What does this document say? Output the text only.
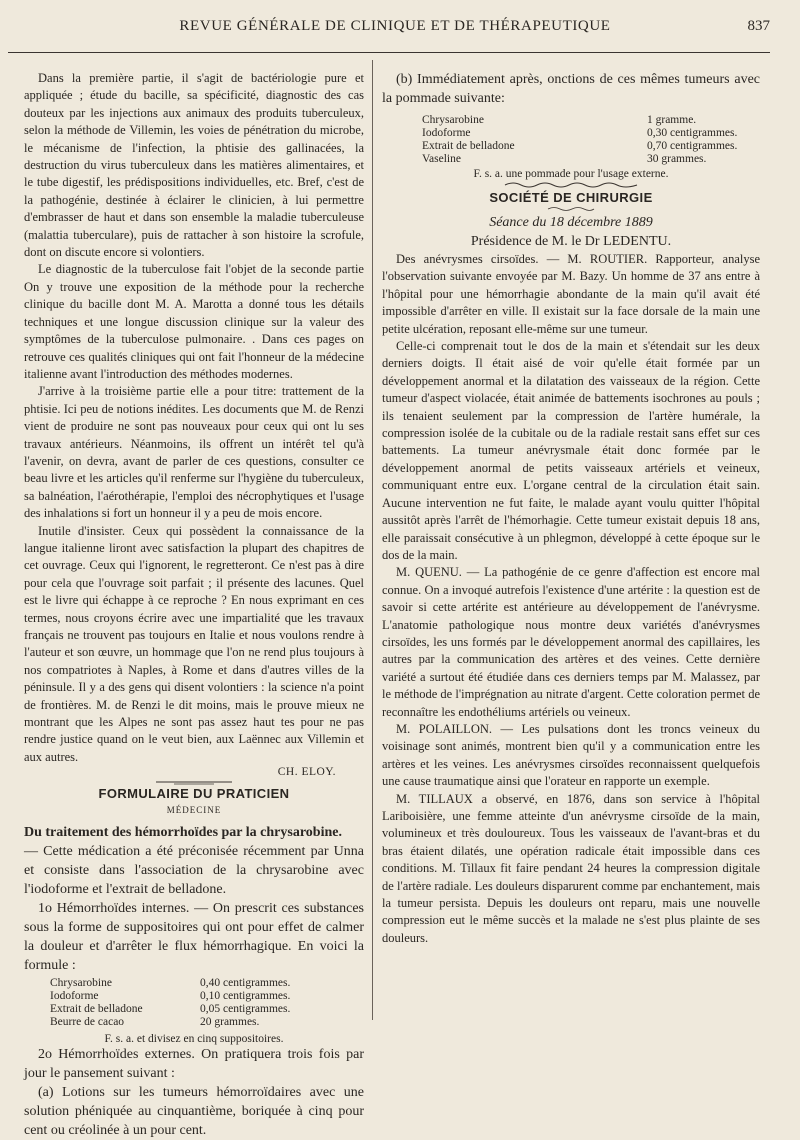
REVUE GÉNÉRALE DE CLINIQUE ET DE THÉRAPEUTIQUE	837

Dans la première partie, il s'agit de bactériologie pure et appliquée ; étude du bacille, sa spécificité, diagnostic des cas douteux par les injections aux animaux des produits tuberculeux, selon la méthode de Villemin, les voies de pénétration du microbe, le mécanisme de l'infection, la phtisie des gallinacées, la destruction du virus tuberculeux dans les matières alimentaires, et le tube digestif, les prédispositions individuelles, etc. Bref, c'est de la pathogénie, destinée à éclairer le clinicien, à lui permettre d'embrasser de haut et dans son ensemble la maladie tuberculeuse (malattia tuberculare), puis de rattacher à son histoire la scrofule, dont on discute encore si volontiers.

Le diagnostic de la tuberculose fait l'objet de la seconde partie On y trouve une exposition de la méthode pour la recherche clinique du bacille dont M. A. Marotta a donné tous les détails techniques et une longue discussion clinique sur la valeur des symptômes de la tuberculose pulmonaire. . Dans ces pages on retrouve ces qualités cliniques qui ont fait l'honneur de la médecine italienne avant l'introduction des méthodes modernes.

J'arrive à la troisième partie elle a pour titre: trattement de la phtisie. Ici peu de notions inédites. Les documents que M. de Renzi vient de produire ne sont pas nouveaux pour ceux qui ont lu ses travaux antérieurs. Néanmoins, ils offrent un intérêt tel qu'à l'avenir, on devra, avant de parler de ces questions, consulter ce beau livre et les articles qu'il renferme sur l'hygiène du tuberculeux, sa balnéation, l'aérothérapie, l'emploi des nécrophytiques et l'usage des inhalations si fort un honneur il y a peu de mois encore.

Inutile d'insister. Ceux qui possèdent la connaissance de la langue italienne liront avec satisfaction la plupart des chapitres de cet ouvrage. Ceux qui l'ignorent, le regretteront. Ce n'est pas à dire pour cela que l'ouvrage soit parfait ; il présente des lacunes. Quel est le livre qui échappe à ce reproche ? En nous exprimant en ces termes, nous croyons écrire avec une impartialité que les travaux français ne trouvent pas toujours en Italie et nous voulons rendre à l'auteur et son œuvre, un hommage que l'on ne rend plus toujours à nos compatriotes à Naples, à Rome et dans d'autres villes de la péninsule. Il y a des gens qui disent volontiers : la science n'a point de frontières. M. de Renzi le dit moins, mais le prouve mieux ne montrant que les Alpes ne sont pas assez haut tes pour ne pas rendre justice quand on le veut bien, aux Laënnec aux Villemin et aux autres.

CH. ELOY.
FORMULAIRE DU PRATICIEN
MÉDECINE

Du traitement des hémorrhoïdes par la chrysarobine.

— Cette médication a été préconisée récemment par Unna et consiste dans l'association de la chrysarobine avec l'iodoforme et l'extrait de belladone.

1o Hémorrhoïdes internes. — On prescrit ces substances sous la forme de suppositoires qui ont pour effet de calmer la douleur et d'arrêter le flux hémorrhagique. En voici la formule :

Chrysarobine	0,40 centigrammes.
Iodoforme	0,10 centigrammes.
Extrait de belladone	0,05 centigrammes.
Beurre de cacao	20 grammes.
F. s. a. et divisez en cinq suppositoires.

2o Hémorrhoïdes externes. On pratiquera trois fois par jour le pansement suivant :

(a) Lotions sur les tumeurs hémorroïdaires avec une solution phéniquée au cinquantième, boriquée à cinq pour cent ou créolinée à un pour cent.

(b) Immédiatement après, onctions de ces mêmes tumeurs avec la pommade suivante:

Chrysarobine	1 gramme.
Iodoforme	0,30 centigrammes.
Extrait de belladone	0,70 centigrammes.
Vaseline	30 grammes.
F. s. a. une pommade pour l'usage externe.
SOCIÉTÉ DE CHIRURGIE

Séance du 18 décembre 1889

Présidence de M. le Dr LEDENTU.

Des anévrysmes cirsoïdes. — M. ROUTIER. Rapporteur, analyse l'observation suivante envoyée par M. Bazy. Un homme de 37 ans entre à l'hôpital pour une hémorrhagie abondante de la main qu'il avait été impossible d'arrêter en ville. Il existait sur la face dorsale de la main une petite ulcération, reposant elle-même sur une tumeur.

Celle-ci comprenait tout le dos de la main et s'étendait sur les deux derniers doigts. Il était aisé de voir qu'elle était formée par un développement anormal et la dilatation des vaisseaux de la région. Cette tumeur d'aspect violacée, était animée de battements isochrones au pouls ; ils tenaient seulement par la compression de l'artère humérale, la compression isolée de la cubitale ou de la radiale restait sans effet sur ces battements. La tumeur anévrysmale était donc formée par le développement anormal de petits vaisseaux artériels et veineux, communiquant entre eux. L'organe central de la circulation était sain. Aucune intervention ne fut faite, le malade ayant voulu quitter l'hôpital aussitôt après l'arrêt de l'hémorhagie. Cette tumeur existait depuis 18 ans, elle paraissait consécutive à un phlegmon, développé à cette époque sur le dos de la main.

M. QUENU. — La pathogénie de ce genre d'affection est encore mal connue. On a invoqué autrefois l'existence d'une artérite : la question est de savoir si cette artérite est antérieure au développement de l'anévrysme. L'anatomie pathologique nous montre deux variétés d'anévrysmes cirsoïdes, les uns formés par le développement anormal des capillaires, les autres par la communication des artères et des veines. Cette dernière variété a surtout été étudiée dans ces derniers temps par M. Malassez, par le méthode de l'imprégnation au nitrate d'argent. Cette coloration permet de reconnaître les endothéliums artériels ou veineux.

M. POLAILLON. — Les pulsations dont les troncs veineux du voisinage sont animés, montrent bien qu'il y a communication entre les artères et les veines. Les anévrysmes cirsoïdes reconnaissent quelquefois une cause traumatique ainsi que l'orateur en rapporte un exemple.

M. TILLAUX a observé, en 1876, dans son service à l'hôpital Lariboisière, une femme atteinte d'un anévrysme cirsoïde de la main, volumineux et très douloureux. Tous les vaisseaux de l'avant-bras et du bras étaient dilatés, une opération radicale était impossible dans ces conditions. M. Tillaux fit faire pendant 24 heures la compression digitale de l'artère radiale. Les douleurs disparurent comme par enchantement, mais la tumeur persista. Depuis les douleurs ont reparu, mais une nouvelle compression eut le même succès et la malade ne s'est plus plainte de ses douleurs.
